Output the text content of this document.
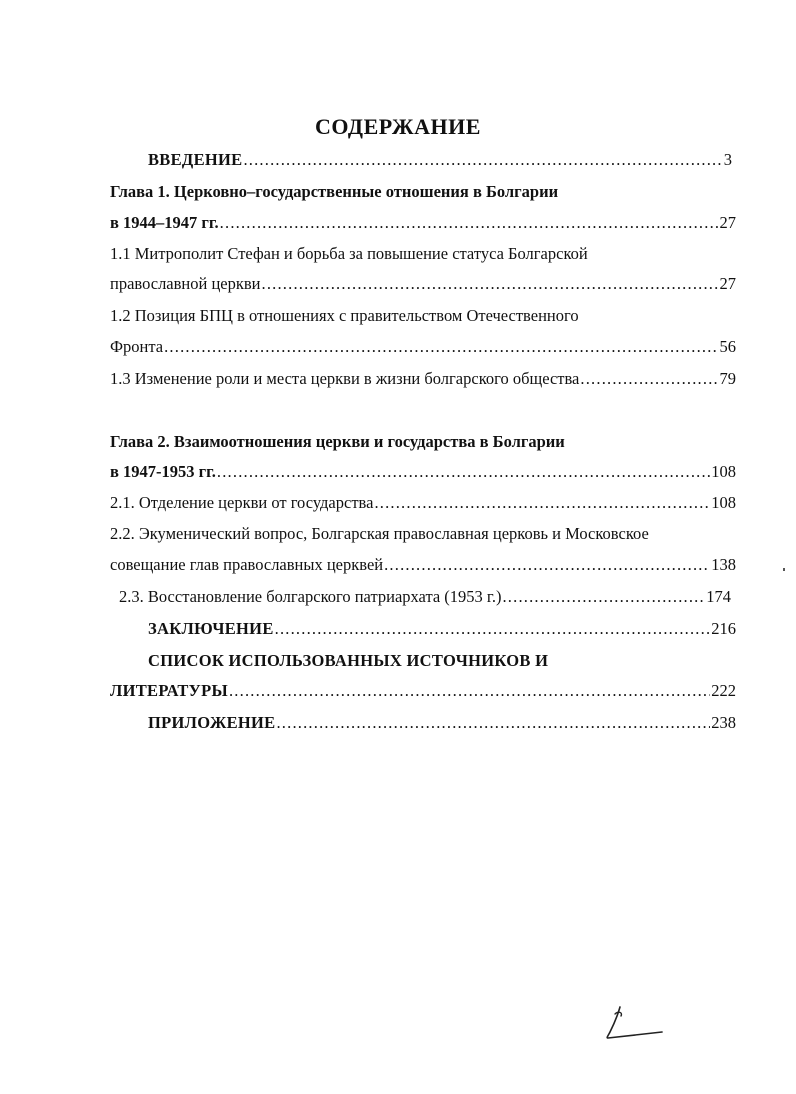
СОДЕРЖАНИЕ
ВВЕДЕНИЕ .....	3
Глава 1. Церковно–государственные отношения в Болгарии
в 1944–1947 гг. .....	27
1.1 Митрополит Стефан и борьба за повышение статуса Болгарской
православной церкви .....	27
1.2 Позиция БПЦ в отношениях с правительством Отечественного
Фронта .....	56
1.3 Изменение роли и места церкви в жизни болгарского общества .....	79
Глава 2. Взаимоотношения церкви и государства в Болгарии
в 1947-1953 гг. .....	108
2.1. Отделение церкви от государства .....	108
2.2. Экуменический вопрос, Болгарская православная церковь и Московское
совещание глав православных церквей .....	138
2.3. Восстановление болгарского патриархата (1953 г.) .....	174
ЗАКЛЮЧЕНИЕ .....	216
СПИСОК ИСПОЛЬЗОВАННЫХ ИСТОЧНИКОВ И
ЛИТЕРАТУРЫ .....	222
ПРИЛОЖЕНИЕ .....	238
